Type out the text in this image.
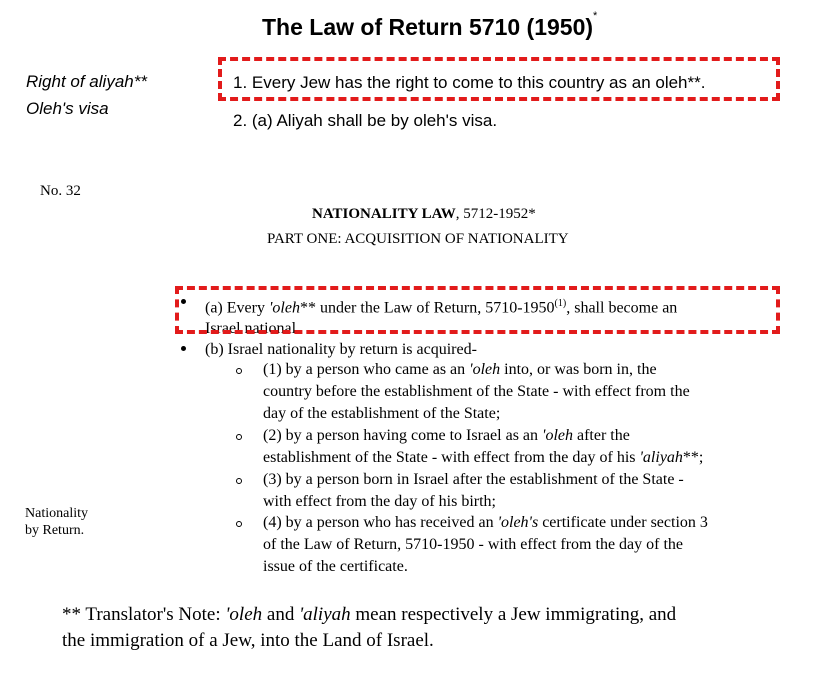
The Law of Return 5710 (1950)*
Right of aliyah**
Oleh's visa
1. Every Jew has the right to come to this country as an oleh**.
2. (a) Aliyah shall be by oleh's visa.
No. 32
NATIONALITY LAW, 5712-1952*
PART ONE: ACQUISITION OF NATIONALITY
(a) Every 'oleh** under the Law of Return, 5710-1950$^{(1)}$, shall become an
Israel national.
(b) Israel nationality by return is acquired-
(1) by a person who came as an 'oleh into, or was born in, the
country before the establishment of the State - with effect from the
day of the establishment of the State;
(2) by a person having come to Israel as an 'oleh after the
establishment of the State - with effect from the day of his 'aliyah**;
(3) by a person born in Israel after the establishment of the State -
with effect from the day of his birth;
(4) by a person who has received an 'oleh's certificate under section 3
of the Law of Return, 5710-1950 - with effect from the day of the
issue of the certificate.
Nationality
by Return.
** Translator's Note: 'oleh and 'aliyah mean respectively a Jew immigrating, and
the immigration of a Jew, into the Land of Israel.
